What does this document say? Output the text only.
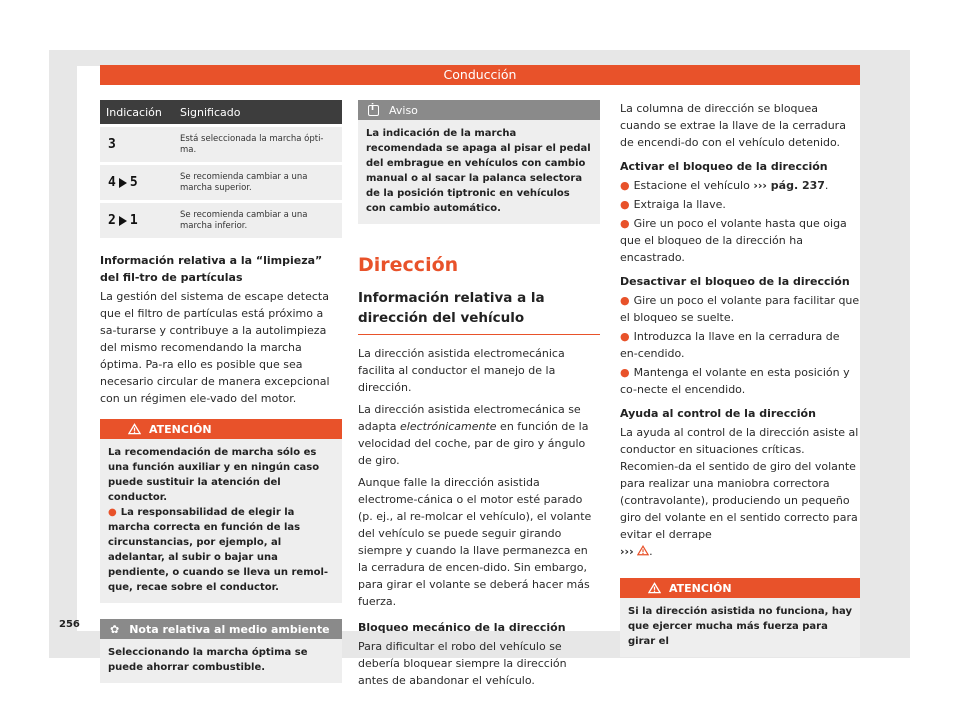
Conducción
Indicación	Significado
3	Está seleccionada la marcha ópti-ma.
4 5	Se recomienda cambiar a una marcha superior.
2 1	Se recomienda cambiar a una marcha inferior.

Información relativa a la “limpieza” del fil-tro de partículas

La gestión del sistema de escape detecta que el filtro de partículas está próximo a sa-turarse y contribuye a la autolimpieza del mismo recomendando la marcha óptima. Pa-ra ello es posible que sea necesario circular de manera excepcional con un régimen ele-vado del motor.

ATENCIÓN

La recomendación de marcha sólo es una función auxiliar y en ningún caso puede sustituir la atención del conductor.

● La responsabilidad de elegir la marcha correcta en función de las circunstancias, por ejemplo, al adelantar, al subir o bajar una pendiente, o cuando se lleva un remol-que, recae sobre el conductor.

✿ Nota relativa al medio ambiente
Seleccionando la marcha óptima se puede ahorrar combustible.
i
Aviso
La indicación de la marcha recomendada se apaga al pisar el pedal del embrague en vehículos con cambio manual o al sacar la palanca selectora de la posición tiptronic en vehículos con cambio automático.

Dirección

Información relativa a la dirección del vehículo

La dirección asistida electromecánica facilita al conductor el manejo de la dirección.

La dirección asistida electromecánica se adapta electrónicamente en función de la velocidad del coche, par de giro y ángulo de giro.

Aunque falle la dirección asistida electrome-cánica o el motor esté parado (p. ej., al re-molcar el vehículo), el volante del vehículo se puede seguir girando siempre y cuando la llave permanezca en la cerradura de encen-dido. Sin embargo, para girar el volante se deberá hacer más fuerza.

Bloqueo mecánico de la dirección

Para dificultar el robo del vehículo se debería bloquear siempre la dirección antes de abandonar el vehículo.

La columna de dirección se bloquea cuando se extrae la llave de la cerradura de encendi-do con el vehículo detenido.

Activar el bloqueo de la dirección

● Estacione el vehículo ››› pág. 237.

● Extraiga la llave.

● Gire un poco el volante hasta que oiga que el bloqueo de la dirección ha encastrado.

Desactivar el bloqueo de la dirección

● Gire un poco el volante para facilitar que el bloqueo se suelte.

● Introduzca la llave en la cerradura de en-cendido.

● Mantenga el volante en esta posición y co-necte el encendido.

Ayuda al control de la dirección

La ayuda al control de la dirección asiste al conductor en situaciones críticas. Recomien-da el sentido de giro del volante para realizar una maniobra correctora (contravolante), produciendo un pequeño giro del volante en el sentido correcto para evitar el derrape
››› .

ATENCIÓN
Si la dirección asistida no funciona, hay que ejercer mucha más fuerza para girar el
256
